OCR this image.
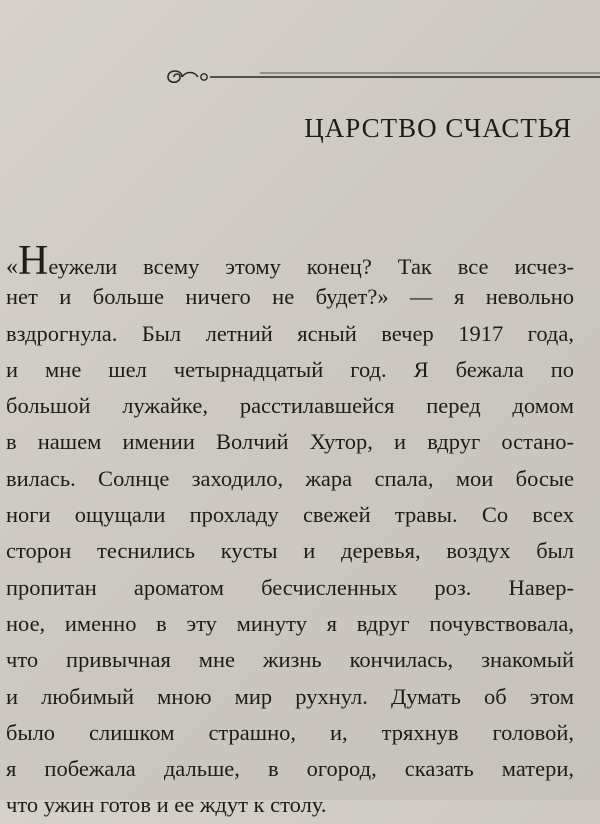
ЦАРСТВО СЧАСТЬЯ
« Н еужели всему этому конец? Так все исчез-
нет и больше ничего не будет?» — я невольно
вздрогнула. Был летний ясный вечер 1917 года,
и мне шел четырнадцатый год. Я бежала по
большой лужайке, расстилавшейся перед домом
в нашем имении Волчий Хутор, и вдруг остано-
вилась. Солнце заходило, жара спала, мои босые
ноги ощущали прохладу свежей травы. Со всех
сторон теснились кусты и деревья, воздух был
пропитан ароматом бесчисленных роз. Навер-
ное, именно в эту минуту я вдруг почувствовала,
что привычная мне жизнь кончилась, знакомый
и любимый мною мир рухнул. Думать об этом
было слишком страшно, и, тряхнув головой,
я побежала дальше, в огород, сказать матери,
что ужин готов и ее ждут к столу.
